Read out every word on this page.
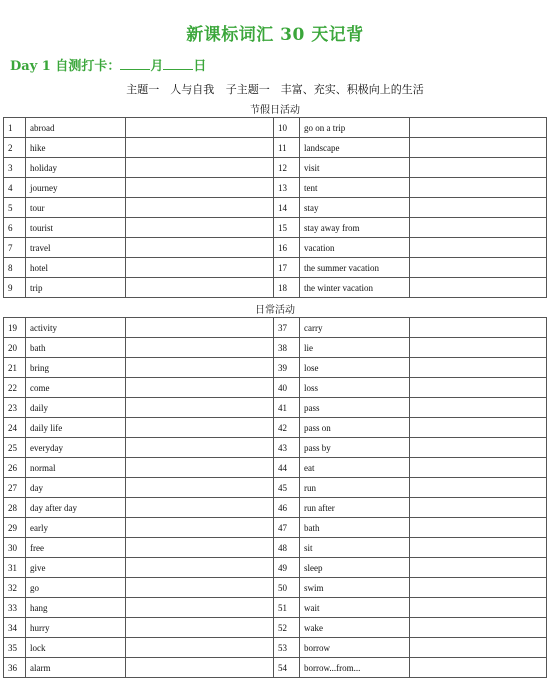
新课标词汇 30 天记背
Day 1 自测打卡： 月 日
主题一　人与自我 子主题一　丰富、充实、积极向上的生活
节假日活动
1	abroad		10	go on a trip	
2	hike		11	landscape	
3	holiday		12	visit	
4	journey		13	tent	
5	tour		14	stay	
6	tourist		15	stay away from	
7	travel		16	vacation	
8	hotel		17	the summer vacation	
9	trip		18	the winter vacation	
日常活动
19	activity		37	carry	
20	bath		38	lie	
21	bring		39	lose	
22	come		40	loss	
23	daily		41	pass	
24	daily life		42	pass on	
25	everyday		43	pass by	
26	normal		44	eat	
27	day		45	run	
28	day after day		46	run after	
29	early		47	bath	
30	free		48	sit	
31	give		49	sleep	
32	go		50	swim	
33	hang		51	wait	
34	hurry		52	wake	
35	lock		53	borrow	
36	alarm		54	borrow...from...	
